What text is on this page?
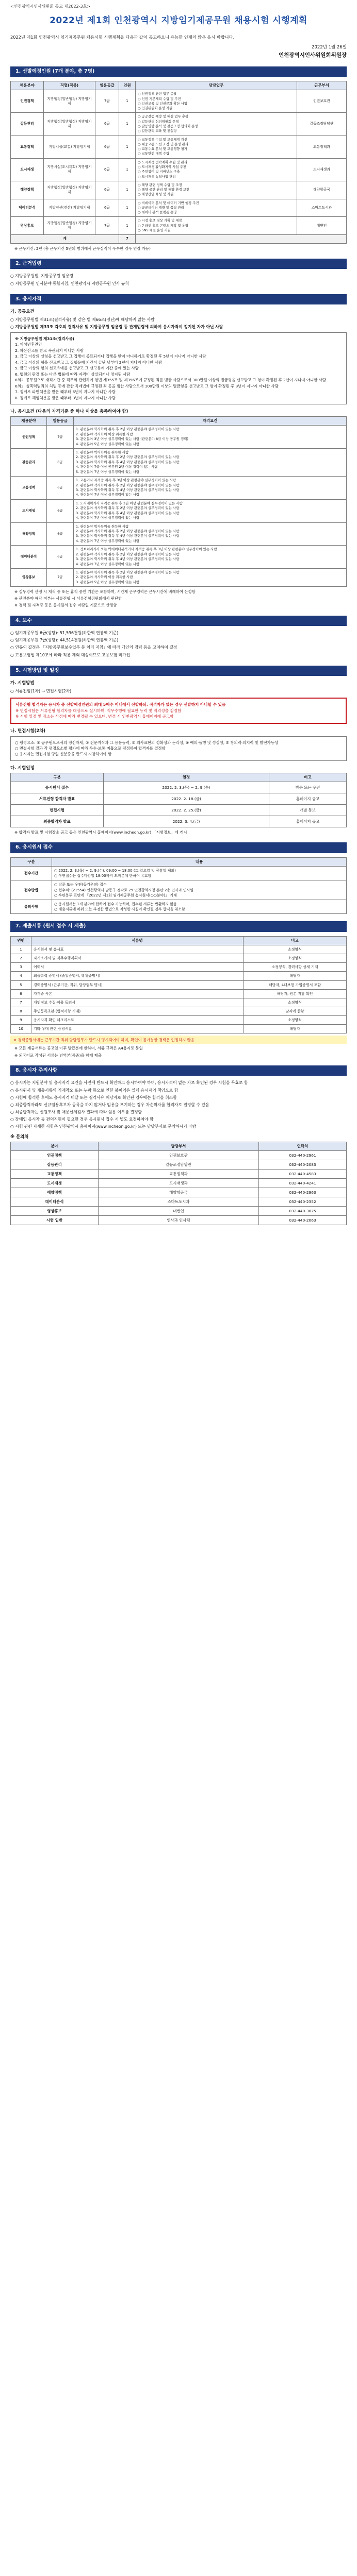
<인천광역시인사위원회 공고 제2022-3호>
2022년 제1회 인천광역시 지방임기제공무원 채용시험 시행계획

2022년 제1회 인천광역시 임기제공무원 채용시험 시행계획을 다음과 같이 공고하오니 유능한 인재의 많은 응시 바랍니다.

2022년 1월 26일
인천광역시인사위원회위원장
1. 선발예정인원 (7개 분야, 총 7명)
채용분야	직렬(직류)	임용등급	인원	담당업무	근무부서
인권정책	지방행정(일반행정) 지방임기제	7급	1	○ 인권정책 관련 업무 총괄
○ 인권 기본계획 수립 및 추진
○ 인권교육 및 인권문화 확산 사업
○ 인권위원회 운영 지원	인권보호관
갈등관리	지방행정(일반행정) 지방임기제	6급	1	○ 공공갈등 예방 및 해결 업무 총괄
○ 갈등관리 심의위원회 운영
○ 갈등영향 분석 및 갈등조정 협의회 운영
○ 갈등관리 교육 및 컨설팅	갈등조정담당관
교통정책	지방시설(교통) 지방임기제	6급	1	○ 교통정책 수립 및 교통체계 개선
○ 대중교통 노선 조정 및 운영 관리
○ 교통수요 분석 및 교통영향 평가
○ 교통안전 대책 수립	교통정책과
도시재생	지방시설(도시계획) 지방임기제	6급	1	○ 도시재생 전략계획 수립 및 관리
○ 도시재생 활성화지역 사업 추진
○ 주민참여 및 거버넌스 구축
○ 도시재생 뉴딜사업 관리	도시재생과
해양정책	지방행정(일반행정) 지방임기제	6급	1	○ 해양 관련 정책 수립 및 조정
○ 해양 공간 관리 및 해양 환경 보전
○ 해양산업 육성 및 지원	해양항공국
데이터분석	지방전산(전산) 지방임기제	6급	1	○ 빅데이터 분석 및 데이터 기반 행정 추진
○ 공공데이터 개방 및 품질 관리
○ 데이터 분석 플랫폼 운영	스마트도시과
영상홍보	지방행정(일반행정) 지방임기제	7급	1	○ 시정 홍보 영상 기획 및 제작
○ 온라인 홍보 콘텐츠 제작 및 운영
○ SNS 채널 운영 지원	대변인
계			7		
※ 근무기간: 2년 (총 근무기간 5년의 범위에서 근무실적이 우수한 경우 연장 가능)
2. 근거법령
○ 지방공무원법, 지방공무원 임용령
○ 지방공무원 인사분야 통합지침, 인천광역시 지방공무원 인사 규칙
3. 응시자격
가. 공통요건
○ 지방공무원법 제31조(결격사유) 및 같은 법 제66조(정년)에 해당하지 않는 사람
○ 지방공무원법 제33조 각호의 결격사유 및 지방공무원 임용령 등 관계법령에 의하여 응시자격이 정지된 자가 아닌 사람
※ 지방공무원법 제31조(결격사유)
1. 피성년후견인
2. 파산선고를 받고 복권되지 아니한 사람
3. 금고 이상의 실형을 선고받고 그 집행이 종료되거나 집행을 받지 아니하기로 확정된 후 5년이 지나지 아니한 사람
4. 금고 이상의 형을 선고받고 그 집행유예 기간이 끝난 날부터 2년이 지나지 아니한 사람
5. 금고 이상의 형의 선고유예를 선고받고 그 선고유예 기간 중에 있는 사람
6. 법원의 판결 또는 다른 법률에 따라 자격이 상실되거나 정지된 사람
6의2. 공무원으로 재직기간 중 직무와 관련하여 형법 제355조 및 제356조에 규정된 죄를 범한 사람으로서 300만원 이상의 벌금형을 선고받고 그 형이 확정된 후 2년이 지나지 아니한 사람
6의3. 성폭력범죄의 처벌 등에 관한 특례법에 규정된 죄 등을 범한 사람으로서 100만원 이상의 벌금형을 선고받고 그 형이 확정된 후 3년이 지나지 아니한 사람
7. 징계로 파면처분을 받은 때부터 5년이 지나지 아니한 사람
8. 징계로 해임처분을 받은 때부터 3년이 지나지 아니한 사람
나. 응시요건 (다음의 자격기준 중 하나 이상을 충족하여야 함)
채용분야	임용등급	자격요건
인권정책	7급	1. 관련분야 학사학위 취득 후 2년 이상 관련분야 실무경력이 있는 사람
2. 관련분야 석사학위 이상 취득한 사람
3. 관련분야 3년 이상 실무경력이 있는 사람 (관련분야 8급 이상 공무원 경력)
4. 관련분야 5년 이상 실무경력이 있는 사람

갈등관리	6급	1. 관련분야 박사학위를 취득한 사람
2. 관련분야 석사학위 취득 후 2년 이상 관련분야 실무경력이 있는 사람
3. 관련분야 학사학위 취득 후 4년 이상 관련분야 실무경력이 있는 사람
4. 관련분야 7급 이상 공무원 2년 이상 경력이 있는 사람
5. 관련분야 7년 이상 실무경력이 있는 사람

교통정책	6급	1. 교통기사 자격증 취득 후 3년 이상 관련분야 실무경력이 있는 사람
2. 관련분야 석사학위 취득 후 2년 이상 관련분야 실무경력이 있는 사람
3. 관련분야 학사학위 취득 후 4년 이상 관련분야 실무경력이 있는 사람
4. 관련분야 7년 이상 실무경력이 있는 사람

도시재생	6급	1. 도시계획기사 자격증 취득 후 3년 이상 관련분야 실무경력이 있는 사람
2. 관련분야 석사학위 취득 후 2년 이상 관련분야 실무경력이 있는 사람
3. 관련분야 학사학위 취득 후 4년 이상 관련분야 실무경력이 있는 사람
4. 관련분야 7년 이상 실무경력이 있는 사람

해양정책	6급	1. 관련분야 박사학위를 취득한 사람
2. 관련분야 석사학위 취득 후 2년 이상 관련분야 실무경력이 있는 사람
3. 관련분야 학사학위 취득 후 4년 이상 관련분야 실무경력이 있는 사람
4. 관련분야 7년 이상 실무경력이 있는 사람

데이터분석	6급	1. 정보처리기사 또는 빅데이터분석기사 자격증 취득 후 3년 이상 관련분야 실무경력이 있는 사람
2. 관련분야 석사학위 취득 후 2년 이상 관련분야 실무경력이 있는 사람
3. 관련분야 학사학위 취득 후 4년 이상 관련분야 실무경력이 있는 사람
4. 관련분야 7년 이상 실무경력이 있는 사람

영상홍보	7급	1. 관련분야 학사학위 취득 후 2년 이상 관련분야 실무경력이 있는 사람
2. 관련분야 석사학위 이상 취득한 사람
3. 관련분야 5년 이상 실무경력이 있는 사람
※ 실무경력 산정 시 재직 중 또는 휴직 중인 기간은 포함하며, 시간제 근무경력은 근무시간에 비례하여 산정함
※ 관련분야 해당 여부는 서류전형 시 서류전형위원회에서 판단함
※ 경력 및 자격증 등은 응시원서 접수 마감일 기준으로 산정함
4. 보수
○ 임기제공무원 6급(상당): 51,596천원(하한액 연봉액 기준)
○ 임기제공무원 7급(상당): 44,514천원(하한액 연봉액 기준)
○ 연봉의 결정은 「지방공무원보수업무 등 처리 지침」에 따라 개인의 경력 등을 고려하여 결정
○ 고용보험법 제10조에 따라 적용 제외 대상이므로 고용보험 미가입
5. 시험방법 및 일정
가. 시험방법
○ 서류전형(1차) → 면접시험(2차)
서류전형 합격자는 응시자 중 선발예정인원의 최대 5배수 이내에서 선발하되, 적격자가 없는 경우 선발하지 아니할 수 있음
※ 면접시험은 서류전형 합격자를 대상으로 실시하며, 직무수행에 필요한 능력 및 적격성을 검정함
※ 시험 일정 및 장소는 사정에 따라 변경될 수 있으며, 변경 시 인천광역시 홈페이지에 공고함
나. 면접시험(2차)
○ 평정요소: ① 공무원으로서의 정신자세, ② 전문지식과 그 응용능력, ③ 의사표현의 정확성과 논리성, ④ 예의·품행 및 성실성, ⑤ 창의력·의지력 및 발전가능성
○ 면접시험 결과 각 평정요소별 평가에 따라 우수·보통·미흡으로 평정하여 합격자를 결정함
○ 응시자는 면접시험 당일 신분증을 반드시 지참하여야 함
다. 시험일정
구분	일정	비고
응시원서 접수	2022. 2. 3.(목) ~ 2. 9.(수)	방문 또는 우편
서류전형 합격자 발표	2022. 2. 18.(금)	홈페이지 공고
면접시험	2022. 2. 25.(금)	개별 통보
최종합격자 발표	2022. 3. 4.(금)	홈페이지 공고
※ 합격자 발표 및 시험장소 공고 등은 인천광역시 홈페이지(www.incheon.go.kr) 「시험정보」에 게시
6. 응시원서 접수
구분	내용
접수기간	○ 2022. 2. 3.(목) ~ 2. 9.(수), 09:00 ~ 18:00 (토·일요일 및 공휴일 제외)
○ 우편접수는 접수마감일 18:00까지 도착분에 한하여 유효함

접수방법	○ 방문 또는 우편(등기우편) 접수
○ 접수처: (21554) 인천광역시 남동구 정각로 29 인천광역시청 본관 2층 인사과 인사팀
○ 우편봉투 표면에 「2022년 제1회 임기제공무원 응시원서(○○분야)」 기재

유의사항	○ 응시원서는 1개 분야에 한하여 접수 가능하며, 접수된 서류는 반환하지 않음
○ 제출서류에 허위 또는 부정한 방법으로 작성한 사실이 확인될 경우 합격을 취소함
7. 제출서류 (원서 접수 시 제출)
연번	서류명	비고
1	응시원서 및 응시표	소정양식
2	자기소개서 및 직무수행계획서	소정양식
3	이력서	소정양식, 경력사항 상세 기재
4	최종학력 증명서 (졸업증명서, 학위증명서)	해당자
5	경력증명서 (근무기간, 직위, 담당업무 명시)	해당자, 4대보험 가입증명서 포함
6	자격증 사본	해당자, 원본 지참 확인
7	개인정보 수집·이용 동의서	소정양식
8	주민등록초본 (병적사항 기재)	남자에 한함
9	응시자격 확인 체크리스트	소정양식
10	기타 우대 관련 증빙서류	해당자
※ 경력증명서에는 근무기간·직위·담당업무가 반드시 명시되어야 하며, 확인이 불가능한 경력은 인정하지 않음
※ 모든 제출서류는 공고일 이후 발급분에 한하며, 서류 규격은 A4용지로 통일
※ 외국어로 작성된 서류는 번역본(공증)을 함께 제출
8. 응시자 주의사항
○ 응시자는 지원분야 및 응시자격 요건을 사전에 반드시 확인하고 응시하여야 하며, 응시자격이 없는 자로 확인된 경우 시험을 무효로 함
○ 응시원서 및 제출서류의 기재착오 또는 누락 등으로 인한 불이익은 일체 응시자의 책임으로 함
○ 시험에 합격한 후에도 응시자격 미달 또는 결격사유 해당자로 확인된 경우에는 합격을 취소함
○ 최종합격자라도 신규임용후보자 등록을 하지 않거나 임용을 포기하는 경우 차순위자를 합격자로 결정할 수 있음
○ 최종합격자는 신원조사 및 채용신체검사 결과에 따라 임용 여부를 결정함
○ 장애인 응시자 등 편의지원이 필요한 경우 응시원서 접수 시 별도 요청하여야 함
○ 시험 관련 자세한 사항은 인천광역시 홈페이지(www.incheon.go.kr) 또는 담당부서로 문의하시기 바람
※ 문의처
분야	담당부서	연락처
인권정책	인권보호관	032-440-2961
갈등관리	갈등조정담당관	032-440-2083
교통정책	교통정책과	032-440-4583
도시재생	도시재생과	032-440-4241
해양정책	해양항공국	032-440-2963
데이터분석	스마트도시과	032-440-2352
영상홍보	대변인	032-440-3025
시험 일반	인사과 인사팀	032-440-2063
